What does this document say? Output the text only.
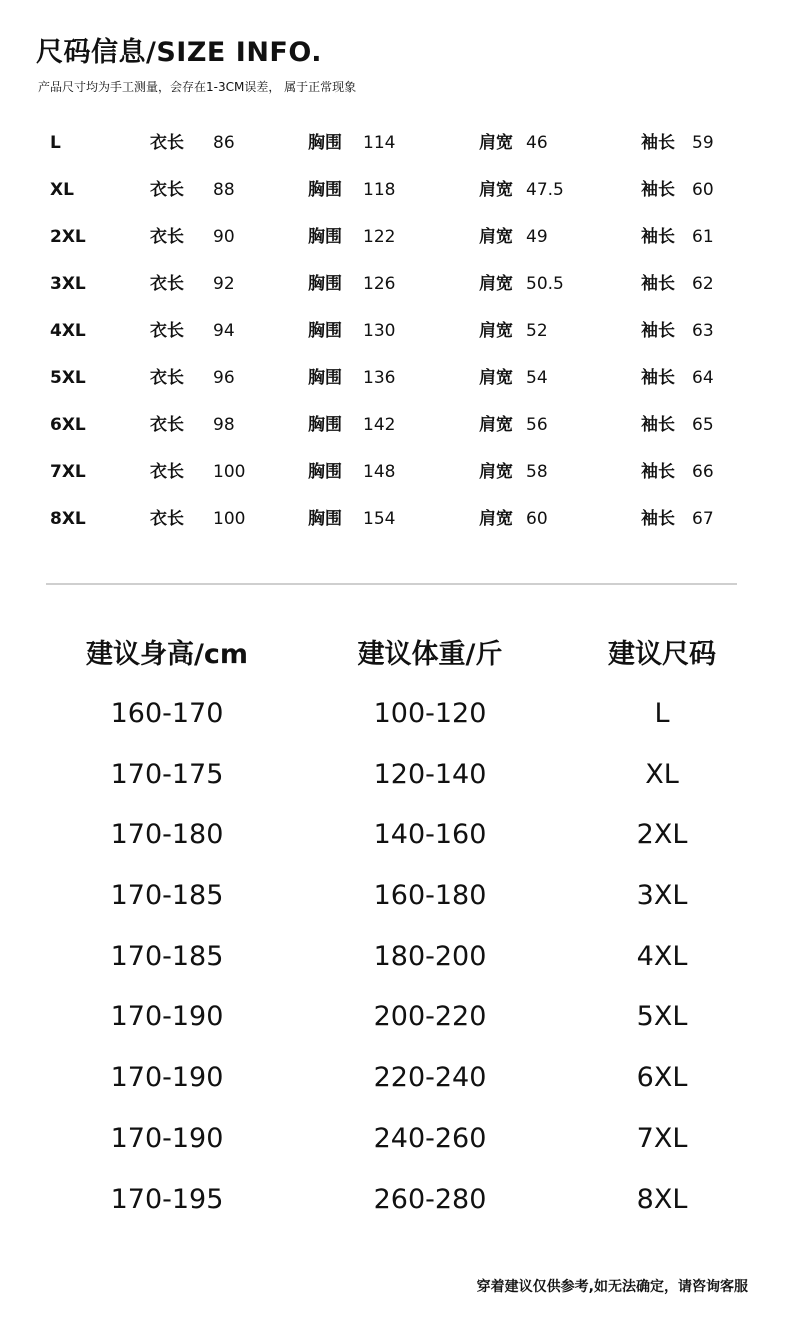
尺码信息/SIZE INFO.
产品尺寸均为手工测量，会存在1-3CM误差， 属于正常现象
L	衣长 86	胸围 114	肩宽 46	袖长 59
XL	衣长 88	胸围 118	肩宽 47.5	袖长 60
2XL	衣长 90	胸围 122	肩宽 49	袖长 61
3XL	衣长 92	胸围 126	肩宽 50.5	袖长 62
4XL	衣长 94	胸围 130	肩宽 52	袖长 63
5XL	衣长 96	胸围 136	肩宽 54	袖长 64
6XL	衣长 98	胸围 142	肩宽 56	袖长 65
7XL	衣长 100	胸围 148	肩宽 58	袖长 66
8XL	衣长 100	胸围 154	肩宽 60	袖长 67
建议身高/cm	建议体重/斤	建议尺码
160-170	100-120	L
170-175	120-140	XL
170-180	140-160	2XL
170-185	160-180	3XL
170-185	180-200	4XL
170-190	200-220	5XL
170-190	220-240	6XL
170-190	240-260	7XL
170-195	260-280	8XL
穿着建议仅供参考,如无法确定，请咨询客服
